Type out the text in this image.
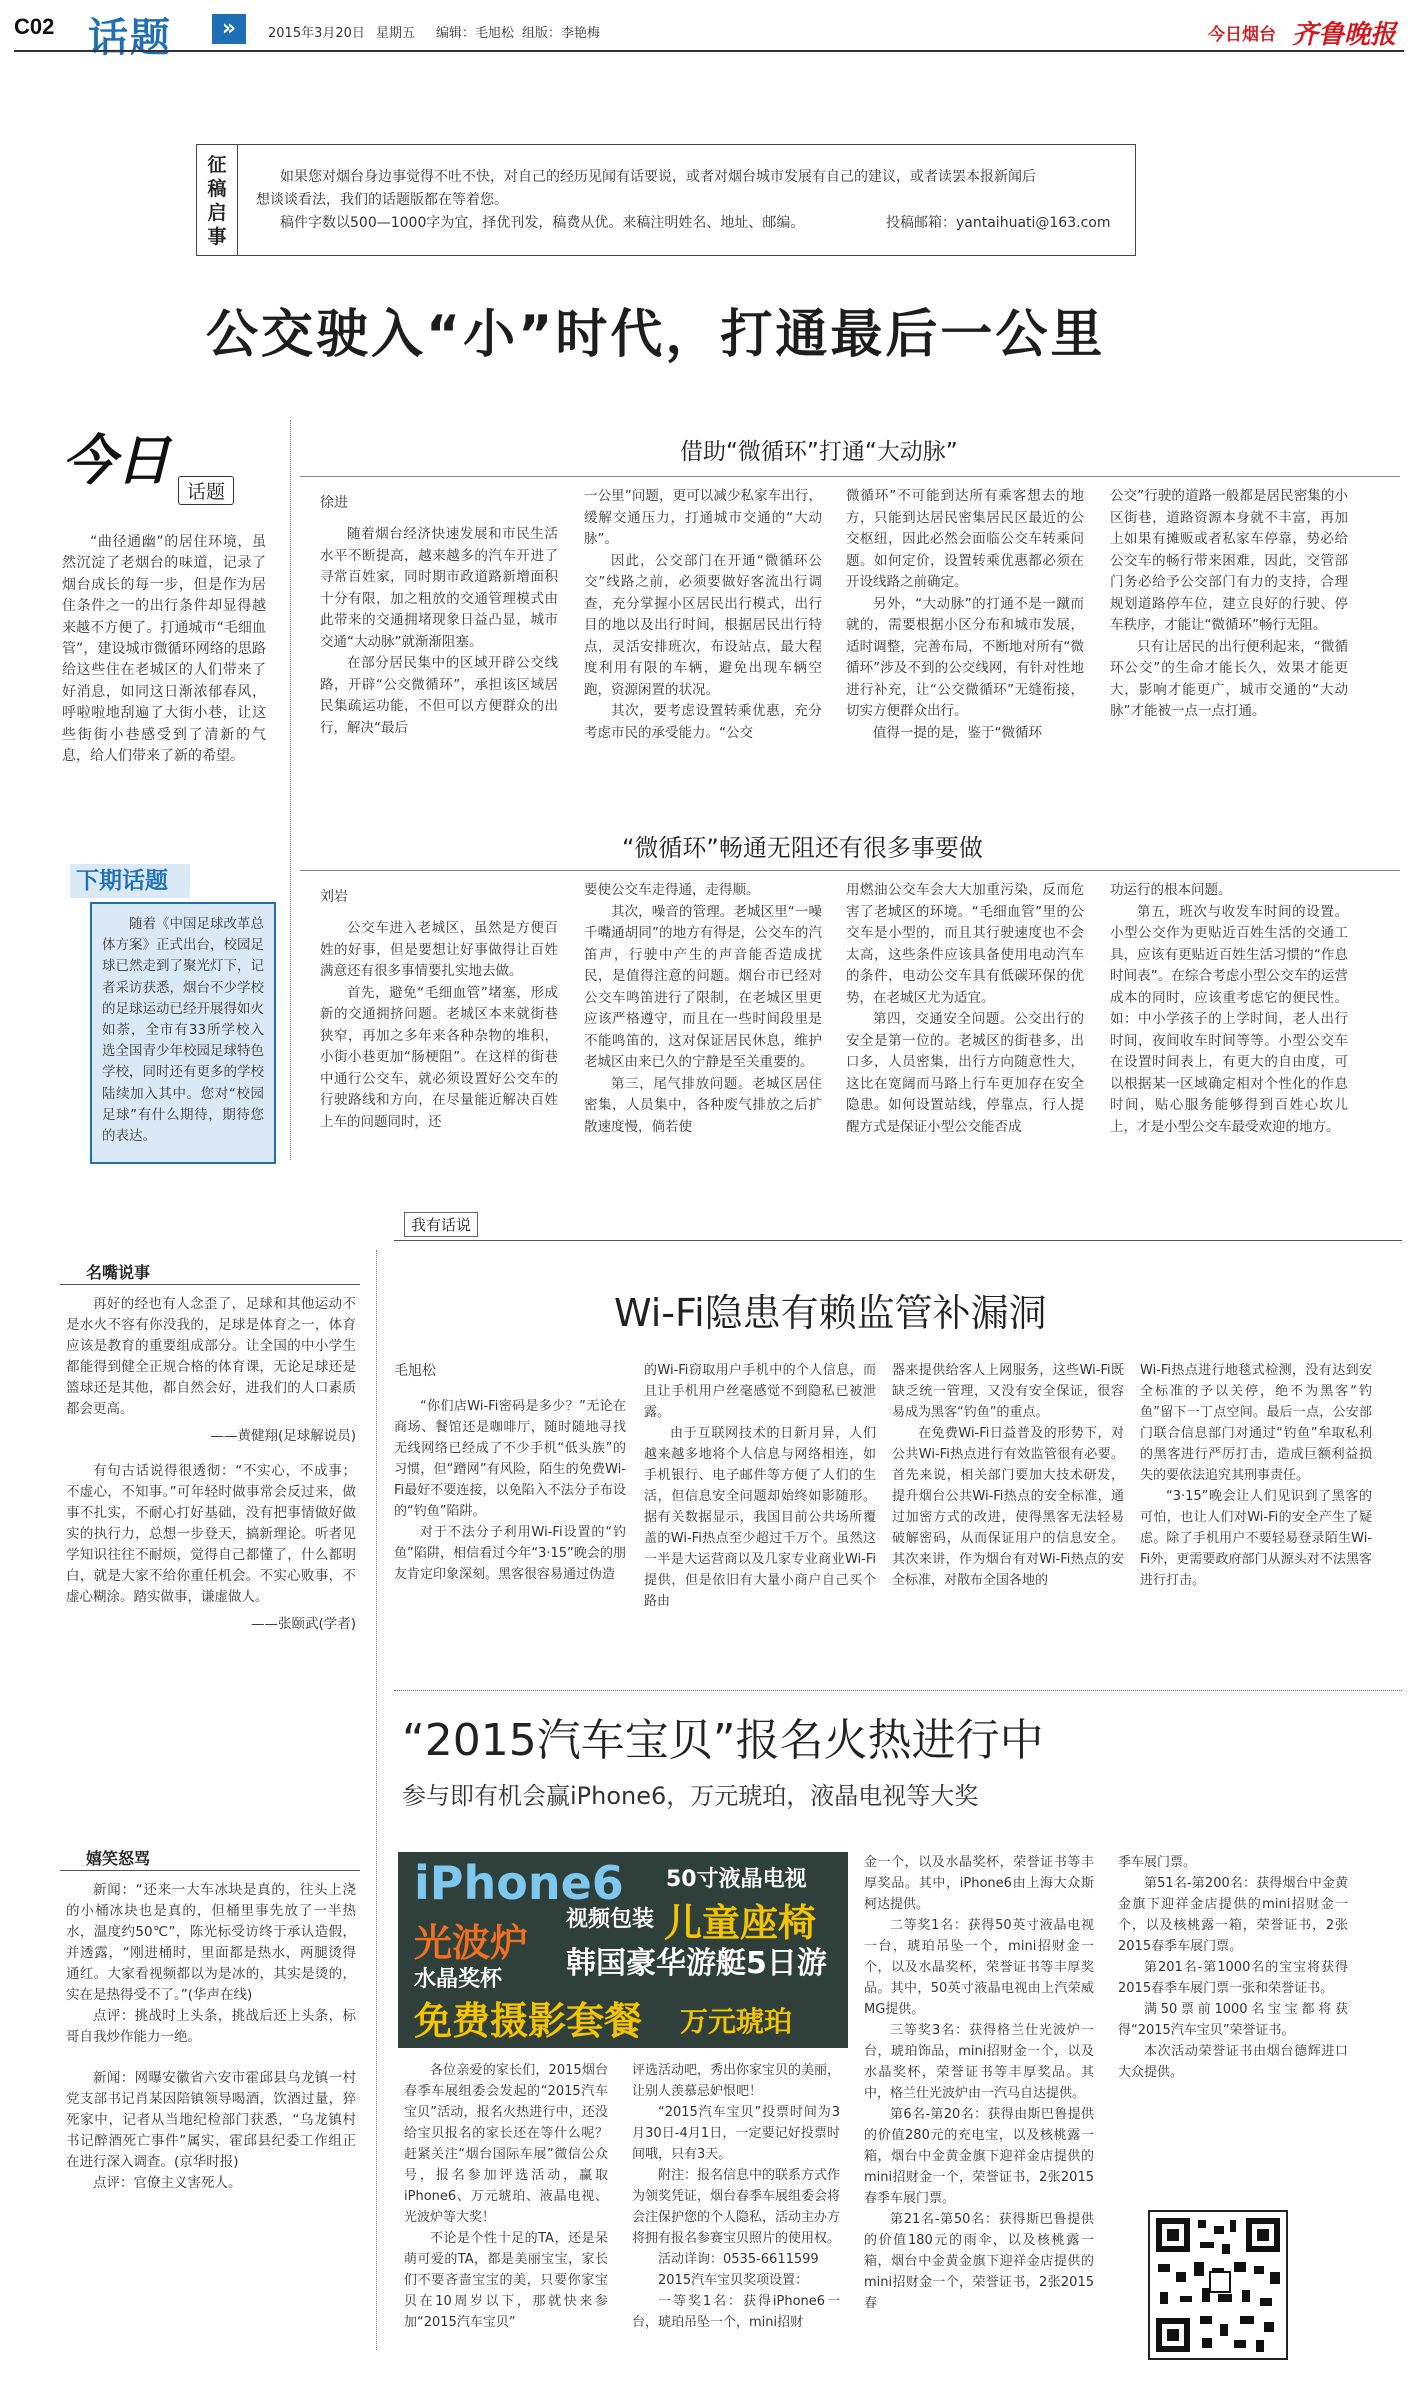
C02 话题	»	2015年3月20日 星期五 编辑：毛旭松 组版：李艳梅	今日烟台 齐鲁晚报
征
稿
启
事
如果您对烟台身边事觉得不吐不快，对自己的经历见闻有话要说，或者对烟台城市发展有自己的建议，或者读罢本报新闻后
想谈谈看法，我们的话题版都在等着您。
稿件字数以500—1000字为宜，择优刊发，稿费从优。来稿注明姓名、地址、邮编。	投稿邮箱：yantaihuati@163.com
公交驶入“小”时代，打通最后一公里
今日 话题

“曲径通幽”的居住环境，虽然沉淀了老烟台的味道，记录了烟台成长的每一步，但是作为居住条件之一的出行条件却显得越来越不方便了。打通城市“毛细血管”，建设城市微循环网络的思路给这些住在老城区的人们带来了好消息，如同这日渐浓郁春风，呼啦啦地刮遍了大街小巷，让这些街街小巷感受到了清新的气息，给人们带来了新的希望。

下期话题

随着《中国足球改革总体方案》正式出台，校园足球已然走到了聚光灯下，记者采访获悉，烟台不少学校的足球运动已经开展得如火如荼，全市有33所学校入选全国青少年校园足球特色学校，同时还有更多的学校陆续加入其中。您对“校园足球”有什么期待，期待您的表达。

借助“微循环”打通“大动脉”
徐进

随着烟台经济快速发展和市民生活水平不断提高，越来越多的汽车开进了寻常百姓家，同时期市政道路新增面积十分有限，加之粗放的交通管理模式由此带来的交通拥堵现象日益凸显，城市交通“大动脉”就渐渐阻塞。

在部分居民集中的区域开辟公交线路，开辟“公交微循环”，承担该区域居民集疏运功能，不但可以方便群众的出行，解决“最后

一公里”问题，更可以减少私家车出行，缓解交通压力，打通城市交通的“大动脉”。

因此，公交部门在开通“微循环公交”线路之前，必须要做好客流出行调查，充分掌握小区居民出行模式，出行目的地以及出行时间，根据居民出行特点，灵活安排班次，布设站点，最大程度利用有限的车辆，避免出现车辆空跑，资源闲置的状况。

其次，要考虑设置转乘优惠，充分考虑市民的承受能力。“公交

微循环”不可能到达所有乘客想去的地方，只能到达居民密集居民区最近的公交枢纽，因此必然会面临公交车转乘问题。如何定价，设置转乘优惠都必须在开设线路之前确定。

另外，“大动脉”的打通不是一蹴而就的，需要根据小区分布和城市发展，适时调整，完善布局，不断地对所有“微循环”涉及不到的公交线网，有针对性地进行补充，让“公交微循环”无缝衔接，切实方便群众出行。

值得一提的是，鉴于“微循环

公交”行驶的道路一般都是居民密集的小区街巷，道路资源本身就不丰富，再加上如果有摊贩或者私家车停靠，势必给公交车的畅行带来困难，因此，交管部门务必给予公交部门有力的支持，合理规划道路停车位，建立良好的行驶、停车秩序，才能让“微循环”畅行无阻。

只有让居民的出行便利起来，“微循环公交”的生命才能长久，效果才能更大，影响才能更广，城市交通的“大动脉”才能被一点一点打通。

“微循环”畅通无阻还有很多事要做
刘岩

公交车进入老城区，虽然是方便百姓的好事，但是要想让好事做得让百姓满意还有很多事情要扎实地去做。

首先，避免“毛细血管”堵塞，形成新的交通拥挤问题。老城区本来就街巷狭窄，再加之多年来各种杂物的堆积，小街小巷更加“肠梗阻”。在这样的街巷中通行公交车，就必须设置好公交车的行驶路线和方向，在尽量能近解决百姓上车的问题同时，还

要使公交车走得通，走得顺。

其次，噪音的管理。老城区里“一噪千嘴通胡同”的地方有得是，公交车的汽笛声，行驶中产生的声音能否造成扰民，是值得注意的问题。烟台市已经对公交车鸣笛进行了限制，在老城区里更应该严格遵守，而且在一些时间段里是不能鸣笛的，这对保证居民休息，维护老城区由来已久的宁静是至关重要的。

第三，尾气排放问题。老城区居住密集，人员集中，各种废气排放之后扩散速度慢，倘若使

用燃油公交车会大大加重污染，反而危害了老城区的环境。“毛细血管”里的公交车是小型的，而且其行驶速度也不会太高，这些条件应该具备使用电动汽车的条件，电动公交车具有低碳环保的优势，在老城区尤为适宜。

第四，交通安全问题。公交出行的安全是第一位的。老城区的街巷多，出口多，人员密集，出行方向随意性大，这比在宽阔而马路上行车更加存在安全隐患。如何设置站线，停靠点，行人提醒方式是保证小型公交能否成

功运行的根本问题。

第五，班次与收发车时间的设置。小型公交作为更贴近百姓生活的交通工具，应该有更贴近百姓生活习惯的“作息时间表”。在综合考虑小型公交车的运营成本的同时，应该重考虑它的便民性。如：中小学孩子的上学时间，老人出行时间，夜间收车时间等等。小型公交车在设置时间表上，有更大的自由度，可以根据某一区域确定相对个性化的作息时间，贴心服务能够得到百姓心坎儿上，才是小型公交车最受欢迎的地方。

我有话说
名嘴说事

再好的经也有人念歪了，足球和其他运动不是水火不容有你没我的，足球是体育之一，体育应该是教育的重要组成部分。让全国的中小学生都能得到健全正规合格的体育课，无论足球还是篮球还是其他，都自然会好，进我们的人口素质都会更高。

——黄健翔(足球解说员)

有句古话说得很透彻：“不实心，不成事；不虚心，不知事。”可年轻时做事常会反过来，做事不扎实，不耐心打好基础，没有把事情做好做实的执行力，总想一步登天，搞新理论。听者见学知识往往不耐烦，觉得自己都懂了，什么都明白，就是大家不给你重任机会。不实心败事，不虚心糊涂。踏实做事，谦虚做人。

——张颐武(学者)

嬉笑怒骂

新闻：“还来一大车冰块是真的，往头上浇的小桶冰块也是真的，但桶里事先放了一半热水，温度约50℃”，陈光标受访终于承认造假，并透露，“刚进桶时，里面都是热水，两腿烫得通红。大家看视频都以为是冰的，其实是烫的，实在是热得受不了。”(华声在线)

点评：挑战时上头条，挑战后还上头条，标哥自我炒作能力一绝。

新闻：网曝安徽省六安市霍邱县乌龙镇一村党支部书记肖某因陪镇领导喝酒，饮酒过量，猝死家中，记者从当地纪检部门获悉，“乌龙镇村书记醉酒死亡事件”属实，霍邱县纪委工作组正在进行深入调查。(京华时报)

点评：官僚主义害死人。

Wi-Fi隐患有赖监管补漏洞
毛旭松

“你们店Wi-Fi密码是多少？”无论在商场、餐馆还是咖啡厅，随时随地寻找无线网络已经成了不少手机“低头族”的习惯，但“蹭网”有风险，陌生的免费Wi-Fi最好不要连接，以免陷入不法分子布设的“钓鱼”陷阱。

对于不法分子利用Wi-Fi设置的“钓鱼”陷阱，相信看过今年“3·15”晚会的朋友肯定印象深刻。黑客很容易通过伪造

的Wi-Fi窃取用户手机中的个人信息，而且让手机用户丝毫感觉不到隐私已被泄露。

由于互联网技术的日新月异，人们越来越多地将个人信息与网络相连，如手机银行、电子邮件等方便了人们的生活，但信息安全问题却始终如影随形。据有关数据显示，我国目前公共场所覆盖的Wi-Fi热点至少超过千万个。虽然这一半是大运营商以及几家专业商业Wi-Fi提供，但是依旧有大量小商户自己买个路由

器来提供给客人上网服务，这些Wi-Fi既缺乏统一管理，又没有安全保证，很容易成为黑客“钓鱼”的重点。

在免费Wi-Fi日益普及的形势下，对公共Wi-Fi热点进行有效监管很有必要。首先来说，相关部门要加大技术研发，提升烟台公共Wi-Fi热点的安全标准，通过加密方式的改进，使得黑客无法轻易破解密码，从而保证用户的信息安全。其次来讲，作为烟台有对Wi-Fi热点的安全标准，对散布全国各地的

Wi-Fi热点进行地毯式检测，没有达到安全标准的予以关停，绝不为黑客“钓鱼”留下一丁点空间。最后一点，公安部门联合信息部门对通过“钓鱼”牟取私利的黑客进行严厉打击，造成巨额利益损失的要依法追究其刑事责任。

“3·15”晚会让人们见识到了黑客的可怕，也让人们对Wi-Fi的安全产生了疑虑。除了手机用户不要轻易登录陌生Wi-Fi外，更需要政府部门从源头对不法黑客进行打击。

“2015汽车宝贝”报名火热进行中
参与即有机会赢iPhone6，万元琥珀，液晶电视等大奖
iPhone6 50寸液晶电视
视频包装 儿童座椅
光波炉 韩国豪华游艇5日游
水晶奖杯
免费摄影套餐 万元琥珀

各位亲爱的家长们，2015烟台春季车展组委会发起的“2015汽车宝贝”活动，报名火热进行中，还没给宝贝报名的家长还在等什么呢？赶紧关注“烟台国际车展”微信公众号，报名参加评选活动，赢取iPhone6、万元琥珀、液晶电视、光波炉等大奖！

不论是个性十足的TA，还是呆萌可爱的TA，都是美丽宝宝，家长们不要吝啬宝宝的美，只要你家宝贝在10周岁以下，那就快来参加“2015汽车宝贝”

评选活动吧，秀出你家宝贝的美丽，让别人羡慕忌妒恨吧！

“2015汽车宝贝”投票时间为3月30日-4月1日，一定要记好投票时间哦，只有3天。

附注：报名信息中的联系方式作为领奖凭证，烟台春季车展组委会将会注保护您的个人隐私，活动主办方将拥有报名参赛宝贝照片的使用权。

活动详询：0535-6611599

2015汽车宝贝奖项设置：

一等奖1名：获得iPhone6一台，琥珀吊坠一个，mini招财

金一个，以及水晶奖杯，荣誉证书等丰厚奖品。其中，iPhone6由上海大众斯柯达提供。

二等奖1名：获得50英寸液晶电视一台，琥珀吊坠一个，mini招财金一个，以及水晶奖杯，荣誉证书等丰厚奖品。其中，50英寸液晶电视由上汽荣威MG提供。

三等奖3名：获得格兰仕光波炉一台，琥珀饰品，mini招财金一个，以及水晶奖杯，荣誉证书等丰厚奖品。其中，格兰仕光波炉由一汽马自达提供。

第6名-第20名：获得由斯巴鲁提供的价值280元的充电宝，以及核桃露一箱，烟台中金黄金旗下迎祥金店提供的mini招财金一个，荣誉证书，2张2015春季车展门票。

第21名-第50名：获得斯巴鲁提供的价值180元的雨伞，以及核桃露一箱，烟台中金黄金旗下迎祥金店提供的mini招财金一个，荣誉证书，2张2015春

季车展门票。

第51名-第200名：获得烟台中金黄金旗下迎祥金店提供的mini招财金一个，以及核桃露一箱，荣誉证书，2张2015春季车展门票。

第201名-第1000名的宝宝将获得2015春季车展门票一张和荣誉证书。

满50票前1000名宝宝都将获得“2015汽车宝贝”荣誉证书。

本次活动荣誉证书由烟台德辉进口大众提供。
